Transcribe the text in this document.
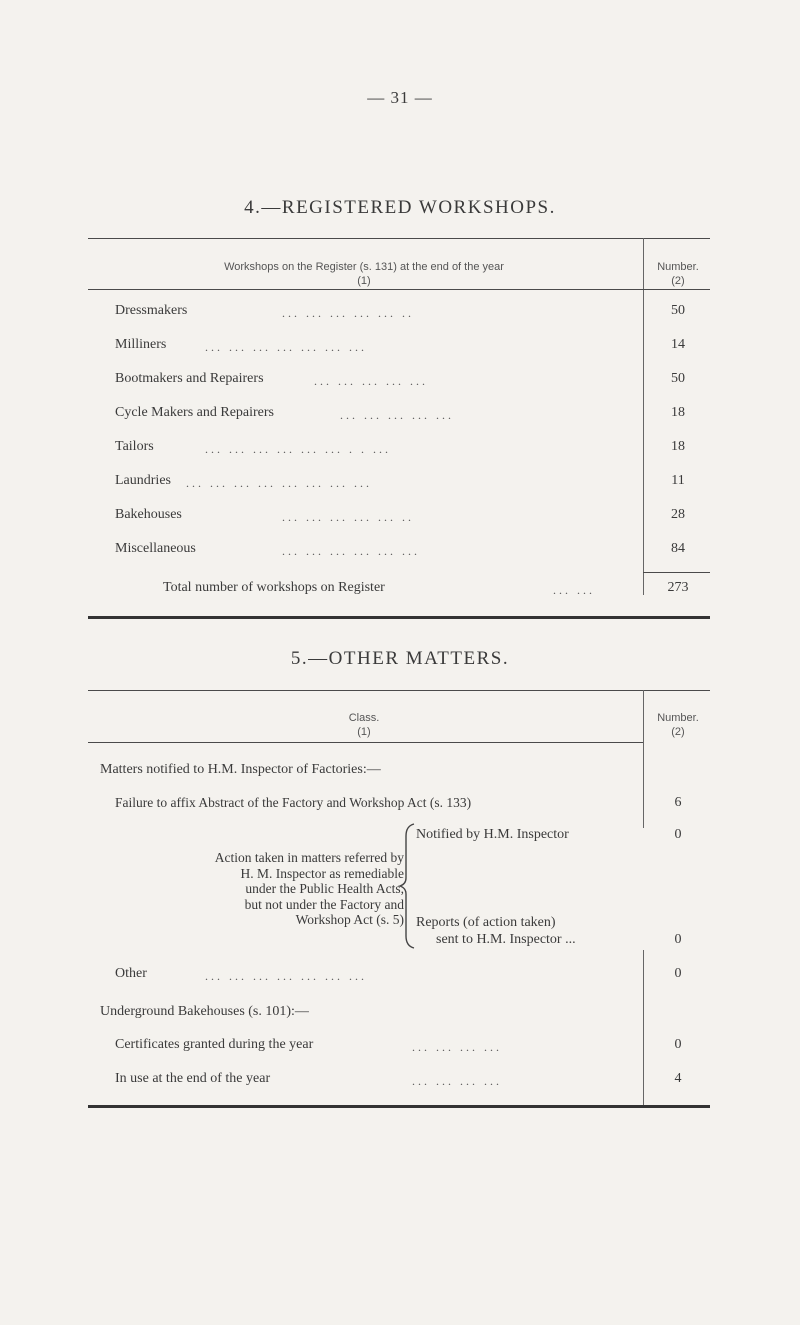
— 31 —
4.—REGISTERED WORKSHOPS.
Workshops on the Register (s. 131) at the end of the year
(1)
Number.
(2)
Dressmakers	... ... ... ... ... ..	50
Milliners	... ... ... ... ... ... ...	14
Bootmakers and Repairers	... ... ... ... ...	50
Cycle Makers and Repairers	... ... ... ... ...	18
Tailors	... ... ... ... ... ... . . ...	18
Laundries ... ... ... ... ... ... ... ...	11
Bakehouses	... ... ... ... ... ..	28
Miscellaneous	... ... ... ... ... ...	84
Total number of workshops on Register	... ...	273
5.—OTHER MATTERS.
Class.
(1)
Number.
(2)
Matters notified to H.M. Inspector of Factories:—
Failure to affix Abstract of the Factory and Workshop Act (s. 133)	6
Action taken in matters referred by
H. M. Inspector as remediable
under the Public Health Acts,
but not under the Factory and
Workshop Act (s. 5)
Notified by H.M. Inspector	0
Reports (of action taken)
sent to H.M. Inspector ...	0
Other	... ... ... ... ... ... ...	0
Underground Bakehouses (s. 101):—
Certificates granted during the year	... ... ... ...	0
In use at the end of the year	... ... ... ...	4
